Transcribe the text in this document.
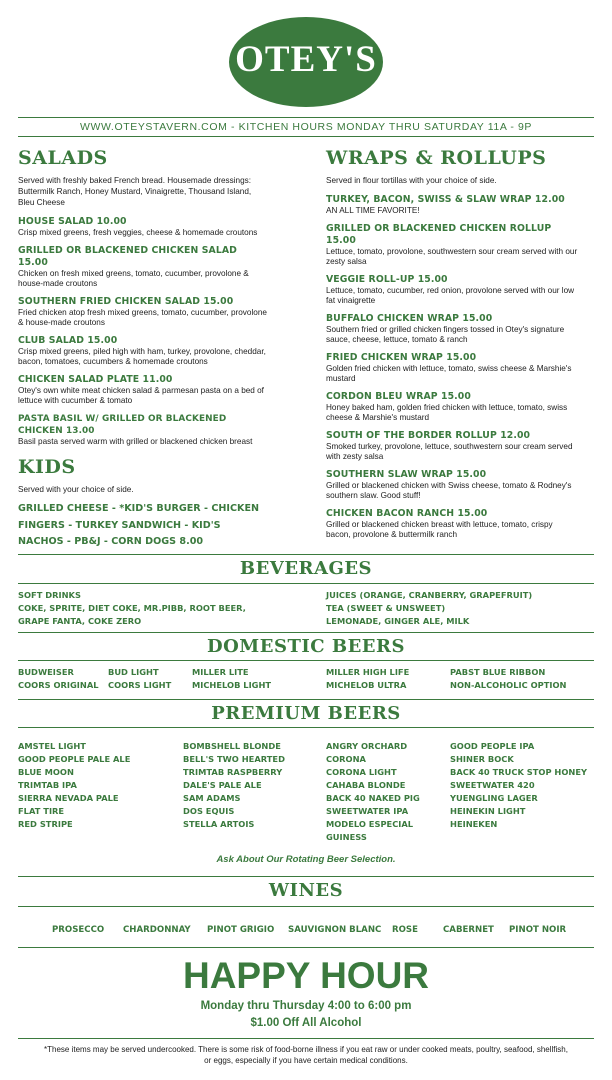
OTEY'S
WWW.OTEYSTAVERN.COM - KITCHEN HOURS MONDAY THRU SATURDAY 11A - 9P
SALADS

Served with freshly baked French bread. Housemade dressings: Buttermilk Ranch, Honey Mustard, Vinaigrette, Thousand Island, Bleu Cheese

HOUSE SALAD 10.00

Crisp mixed greens, fresh veggies, cheese & homemade croutons

GRILLED OR BLACKENED CHICKEN SALAD 15.00

Chicken on fresh mixed greens, tomato, cucumber, provolone & house-made croutons

SOUTHERN FRIED CHICKEN SALAD 15.00

Fried chicken atop fresh mixed greens, tomato, cucumber, provolone & house-made croutons

CLUB SALAD 15.00

Crisp mixed greens, piled high with ham, turkey, provolone, cheddar, bacon, tomatoes, cucumbers & homemade croutons

CHICKEN SALAD PLATE 11.00

Otey's own white meat chicken salad & parmesan pasta on a bed of lettuce with cucumber & tomato

PASTA BASIL W/ GRILLED OR BLACKENED CHICKEN 13.00

Basil pasta served warm with grilled or blackened chicken breast

KIDS

Served with your choice of side.

GRILLED CHEESE - *KID'S BURGER - CHICKEN FINGERS - TURKEY SANDWICH - KID'S NACHOS - PB&J - CORN DOGS 8.00

WRAPS & ROLLUPS

Served in flour tortillas with your choice of side.

TURKEY, BACON, SWISS & SLAW WRAP 12.00

AN ALL TIME FAVORITE!

GRILLED OR BLACKENED CHICKEN ROLLUP 15.00

Lettuce, tomato, provolone, southwestern sour cream served with our zesty salsa

VEGGIE ROLL-UP 15.00

Lettuce, tomato, cucumber, red onion, provolone served with our low fat vinaigrette

BUFFALO CHICKEN WRAP 15.00

Southern fried or grilled chicken fingers tossed in Otey's signature sauce, cheese, lettuce, tomato & ranch

FRIED CHICKEN WRAP 15.00

Golden fried chicken with lettuce, tomato, swiss cheese & Marshie's mustard

CORDON BLEU WRAP 15.00

Honey baked ham, golden fried chicken with lettuce, tomato, swiss cheese & Marshie's mustard

SOUTH OF THE BORDER ROLLUP 12.00

Smoked turkey, provolone, lettuce, southwestern sour cream served with zesty salsa

SOUTHERN SLAW WRAP 15.00

Grilled or blackened chicken with Swiss cheese, tomato & Rodney's southern slaw. Good stuff!

CHICKEN BACON RANCH 15.00

Grilled or blackened chicken breast with lettuce, tomato, crispy bacon, provolone & buttermilk ranch

BEVERAGES
SOFT DRINKS
COKE, SPRITE, DIET COKE, MR.PIBB, ROOT BEER,
GRAPE FANTA, COKE ZERO
JUICES (ORANGE, CRANBERRY, GRAPEFRUIT)
TEA (SWEET & UNSWEET)
LEMONADE, GINGER ALE, MILK
DOMESTIC BEERS
BUDWEISER
COORS ORIGINAL
BUD LIGHT
COORS LIGHT
MILLER LITE
MICHELOB LIGHT
MILLER HIGH LIFE
MICHELOB ULTRA
PABST BLUE RIBBON
NON-ALCOHOLIC OPTION
PREMIUM BEERS
AMSTEL LIGHT
GOOD PEOPLE PALE ALE
BLUE MOON
TRIMTAB IPA
SIERRA NEVADA PALE
FLAT TIRE
RED STRIPE
BOMBSHELL BLONDE
BELL'S TWO HEARTED
TRIMTAB RASPBERRY
DALE'S PALE ALE
SAM ADAMS
DOS EQUIS
STELLA ARTOIS
ANGRY ORCHARD
CORONA
CORONA LIGHT
CAHABA BLONDE
BACK 40 NAKED PIG
SWEETWATER IPA
MODELO ESPECIAL
GUINESS
GOOD PEOPLE IPA
SHINER BOCK
BACK 40 TRUCK STOP HONEY
SWEETWATER 420
YUENGLING LAGER
HEINEKIN LIGHT
HEINEKEN
Ask About Our Rotating Beer Selection.
WINES
PROSECCO CHARDONNAY PINOT GRIGIO SAUVIGNON BLANC ROSE	CABERNET PINOT NOIR
HAPPY HOUR
Monday thru Thursday 4:00 to 6:00 pm
$1.00 Off All Alcohol
*These items may be served undercooked. There is some risk of food-borne illness if you eat raw or under cooked meats, poultry, seafood, shellfish, or eggs, especially if you have certain medical conditions.
